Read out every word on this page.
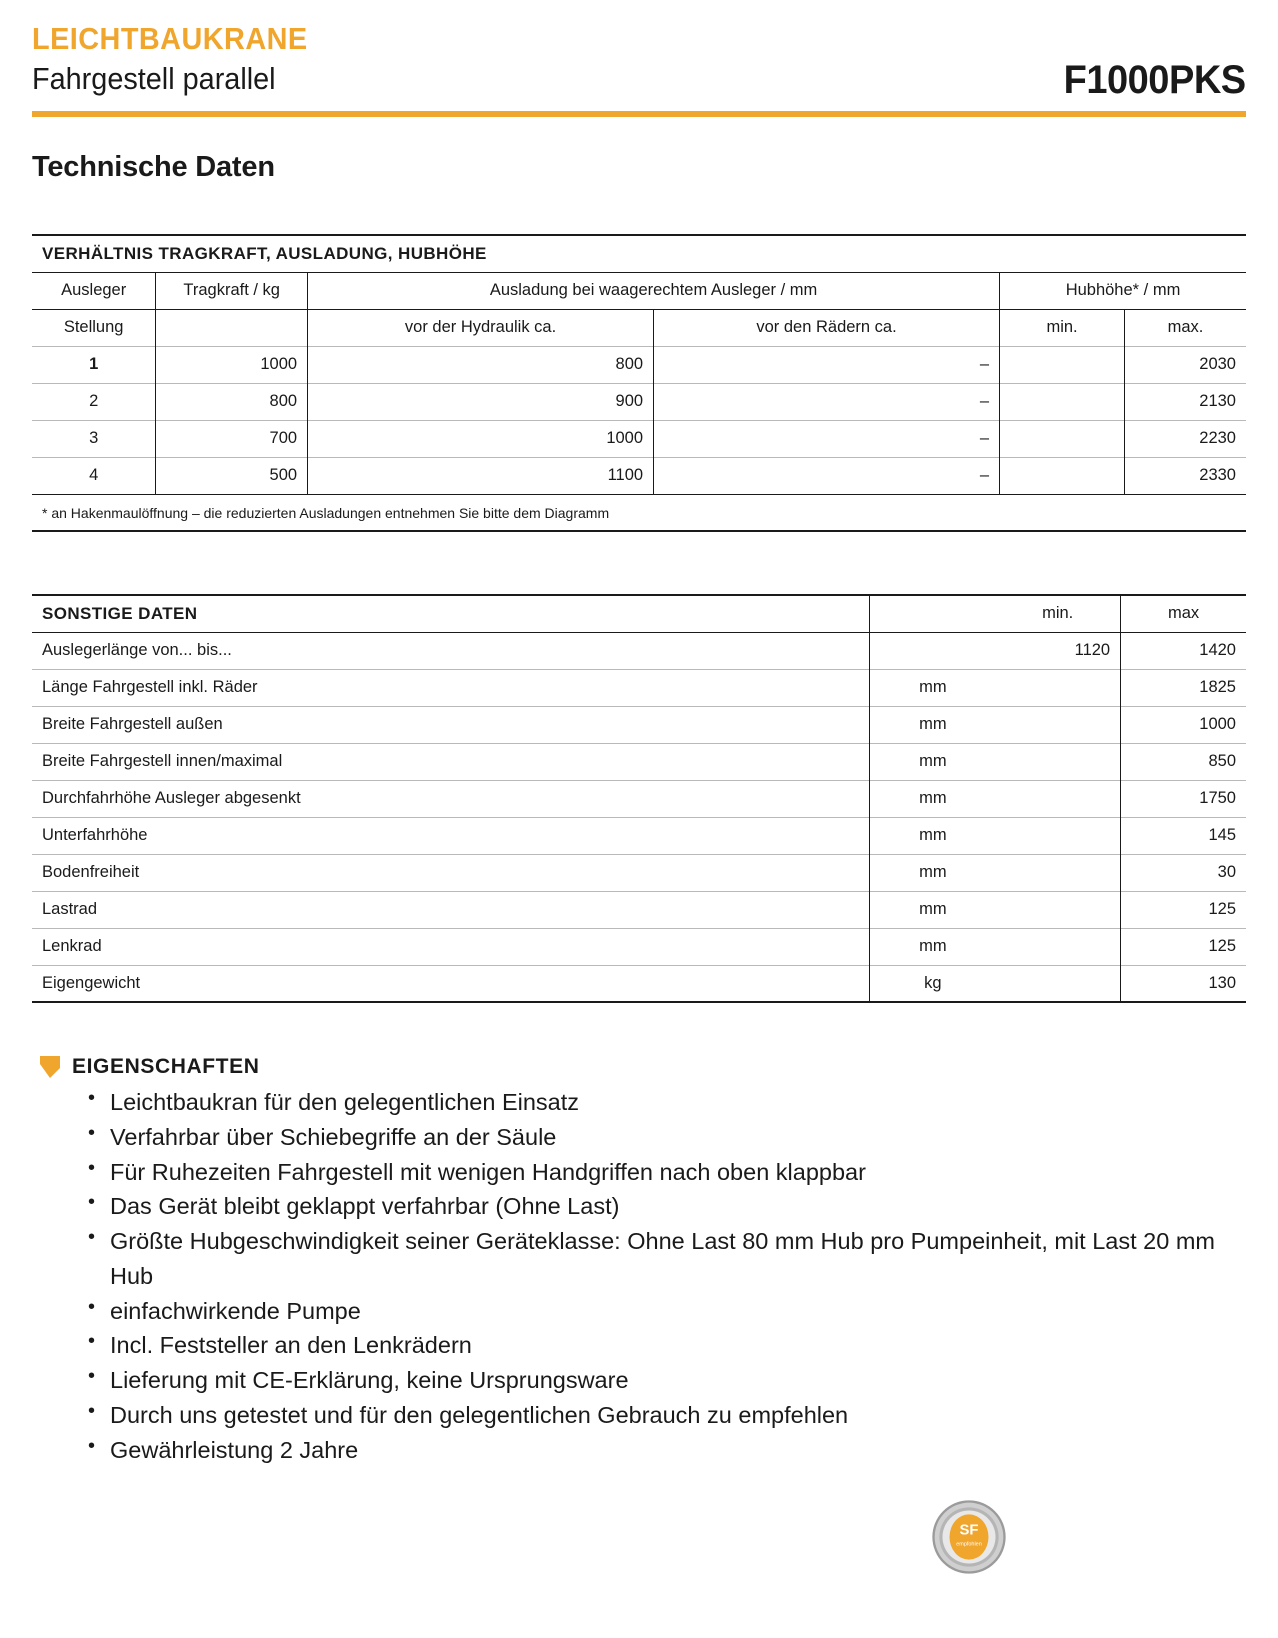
LEICHTBAUKRANE
Fahrgestell parallel	F1000PKS
Technische Daten
VERHÄLTNIS TRAGKRAFT, AUSLADUNG, HUBHÖHE					
Ausleger	Tragkraft / kg	Ausladung bei waagerechtem Ausleger / mm		Hubhöhe* / mm	
Stellung		vor der Hydraulik ca.	vor den Rädern ca.	min.	max.
1	1000	800	–		2030
2	800	900	–		2130
3	700	1000	–		2230
4	500	1100	–		2330
* an Hakenmaulöffnung – die reduzierten Ausladungen entnehmen Sie bitte dem Diagramm					
SONSTIGE DATEN		min.	max
Auslegerlänge von... bis...		1120	1420
Länge Fahrgestell inkl. Räder	mm		1825
Breite Fahrgestell außen	mm		1000
Breite Fahrgestell innen/maximal	mm		850
Durchfahrhöhe Ausleger abgesenkt	mm		1750
Unterfahrhöhe	mm		145
Bodenfreiheit	mm		30
Lastrad	mm		125
Lenkrad	mm		125
Eigengewicht	kg		130
EIGENSCHAFTEN
• Leichtbaukran für den gelegentlichen Einsatz
• Verfahrbar über Schiebegriffe an der Säule
• Für Ruhezeiten Fahrgestell mit wenigen Handgriffen nach oben klappbar
• Das Gerät bleibt geklappt verfahrbar (Ohne Last)
• Größte Hubgeschwindigkeit seiner Geräteklasse: Ohne Last 80 mm Hub pro Pumpeinheit, mit Last 20 mm Hub
• einfachwirkende Pumpe
• Incl. Feststeller an den Lenkrädern
• Lieferung mit CE-Erklärung, keine Ursprungsware
• Durch uns getestet und für den gelegentlichen Gebrauch zu empfehlen
• Gewährleistung 2 Jahre
SF
empfohlen
